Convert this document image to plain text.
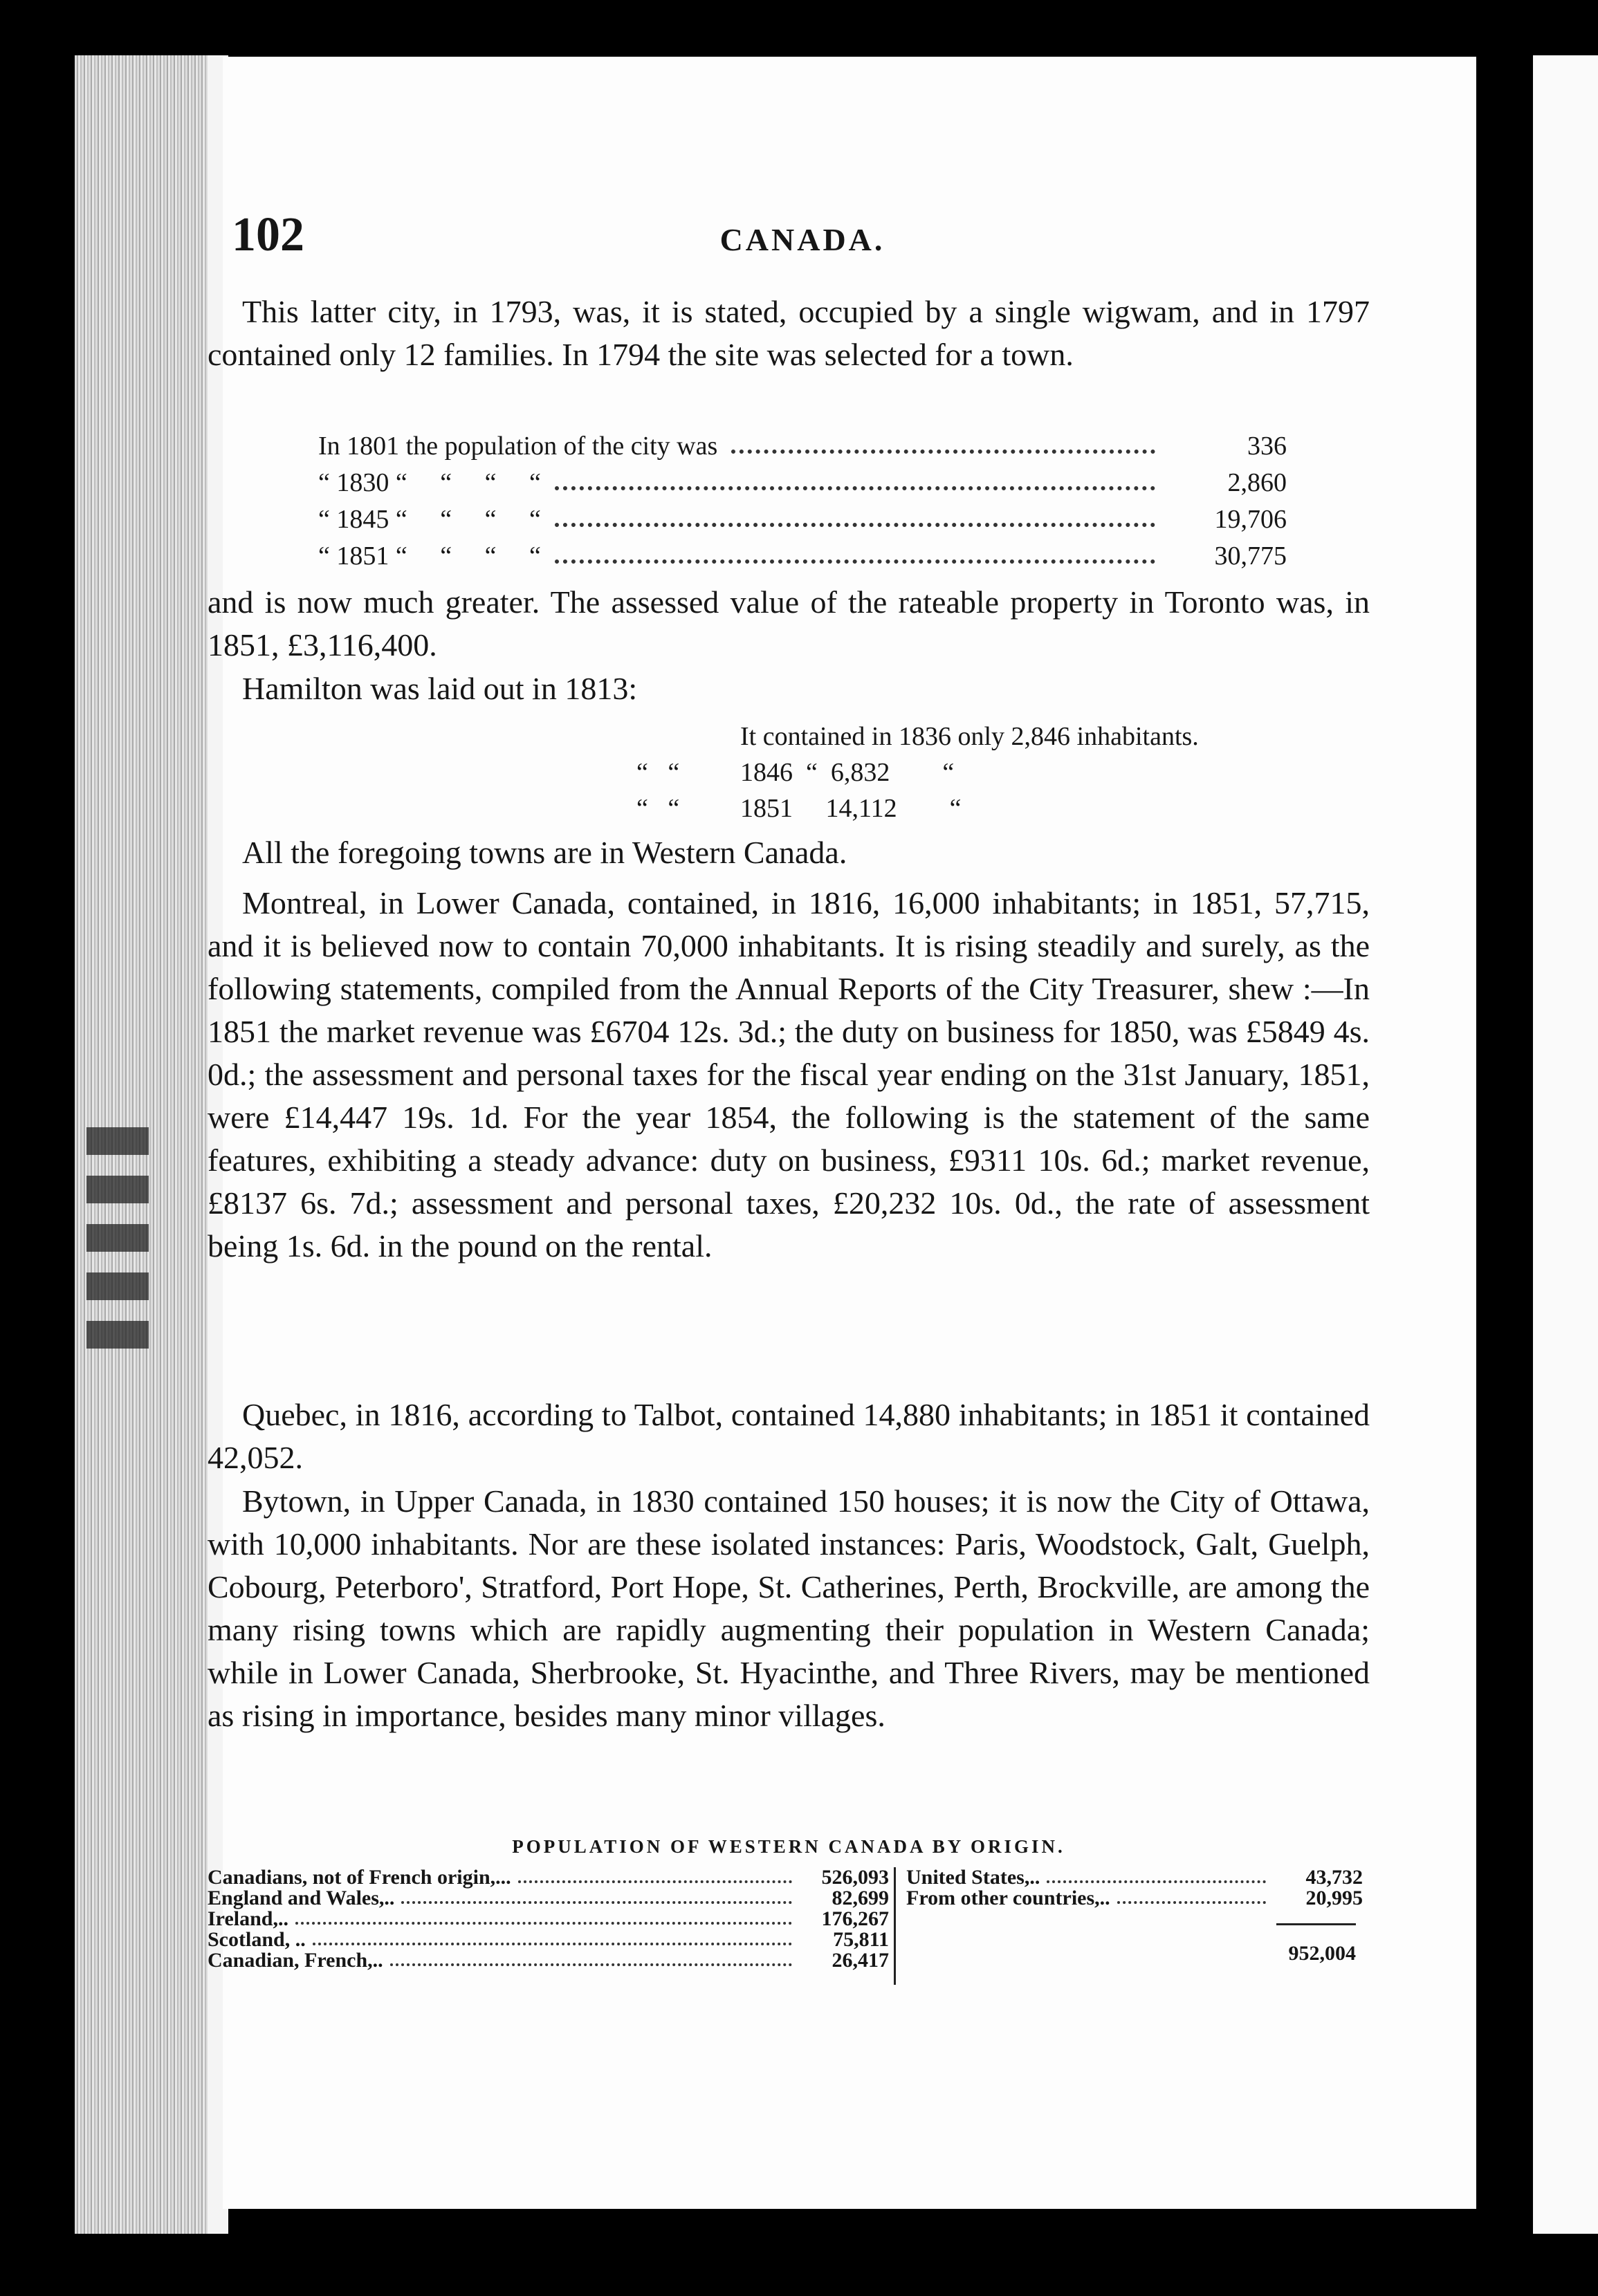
102	CANADA.

This latter city, in 1793, was, it is stated, occupied by a single wigwam, and in 1797 contained only 12 families. In 1794 the site was selected for a town.

In 1801 the population of the city was	336
“ 1830 “     “     “     “	2,860
“ 1845 “     “     “     “	19,706
“ 1851 “     “     “     “	30,775

and is now much greater. The assessed value of the rateable property in Toronto was, in 1851, £3,116,400.

Hamilton was laid out in 1813:

It contained in 1836 only 2,846 inhabitants.
“   “	1846  “  6,832        “
“   “	1851     14,112        “

All the foregoing towns are in Western Canada.

Montreal, in Lower Canada, contained, in 1816, 16,000 inhabitants; in 1851, 57,715, and it is believed now to contain 70,000 inhabitants. It is rising steadily and surely, as the following statements, compiled from the Annual Reports of the City Treasurer, shew :—In 1851 the market revenue was £6704 12s. 3d.; the duty on business for 1850, was £5849 4s. 0d.; the assessment and personal taxes for the fiscal year ending on the 31st January, 1851, were £14,447 19s. 1d. For the year 1854, the following is the statement of the same features, exhibiting a steady advance: duty on business, £9311 10s. 6d.; market revenue, £8137 6s. 7d.; assessment and personal taxes, £20,232 10s. 0d., the rate of assessment being 1s. 6d. in the pound on the rental.

Quebec, in 1816, according to Talbot, contained 14,880 inhabitants; in 1851 it contained 42,052.

Bytown, in Upper Canada, in 1830 contained 150 houses; it is now the City of Ottawa, with 10,000 inhabitants. Nor are these isolated instances: Paris, Woodstock, Galt, Guelph, Cobourg, Peterboro', Stratford, Port Hope, St. Catherines, Perth, Brockville, are among the many rising towns which are rapidly augmenting their population in Western Canada; while in Lower Canada, Sherbrooke, St. Hyacinthe, and Three Rivers, may be mentioned as rising in importance, besides many minor villages.

POPULATION OF WESTERN CANADA BY ORIGIN.
Canadians, not of French origin,...	526,093
England and Wales,..	82,699
Ireland,..	176,267
Scotland, ..	75,811
Canadian, French,..	26,417
United States,..	43,732
From other countries,..	20,995
952,004
